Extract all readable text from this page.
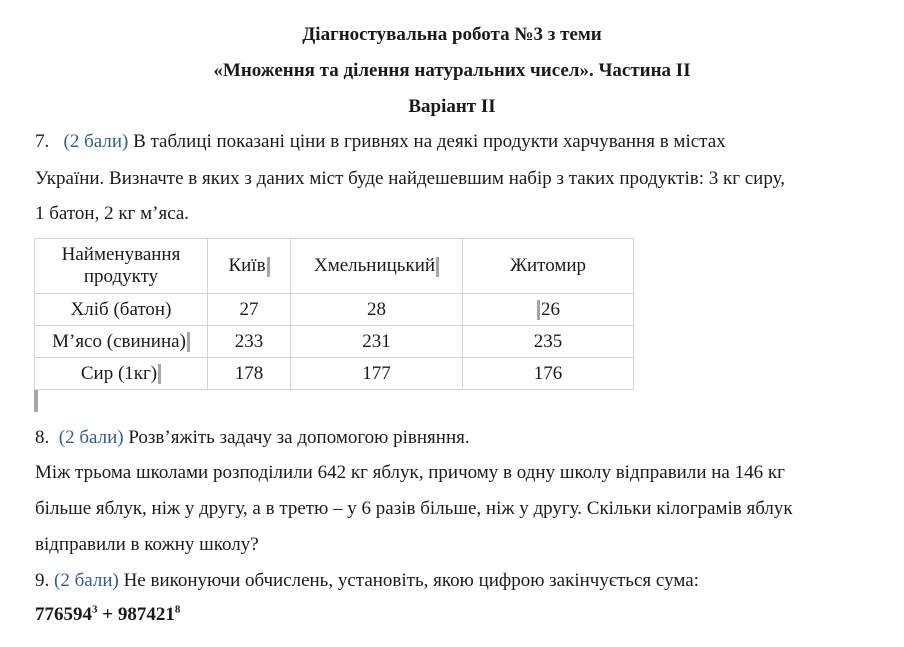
Діагностувальна робота №3 з теми
«Множення та ділення натуральних чисел». Частина ІІ
Варіант ІІ
7. (2 бали) В таблиці показані ціни в гривнях на деякі продукти харчування в містах
України. Визначте в яких з даних міст буде найдешевшим набір з таких продуктів: 3 кг сиру,
1 батон, 2 кг м’яса.
Найменування
продукту	Київ	Хмельницький	Житомир
Хліб (батон)	27	28	26
М’ясо (свинина)	233	231	235
Сир (1кг)	178	177	176
8. (2 бали) Розв’яжіть задачу за допомогою рівняння.
Між трьома школами розподілили 642 кг яблук, причому в одну школу відправили на 146 кг
більше яблук, ніж у другу, а в третю – у 6 разів більше, ніж у другу. Скільки кілограмів яблук
відправили в кожну школу?
9. (2 бали) Не виконуючи обчислень, установіть, якою цифрою закінчується сума:
$776594^3 + 987421^8$
